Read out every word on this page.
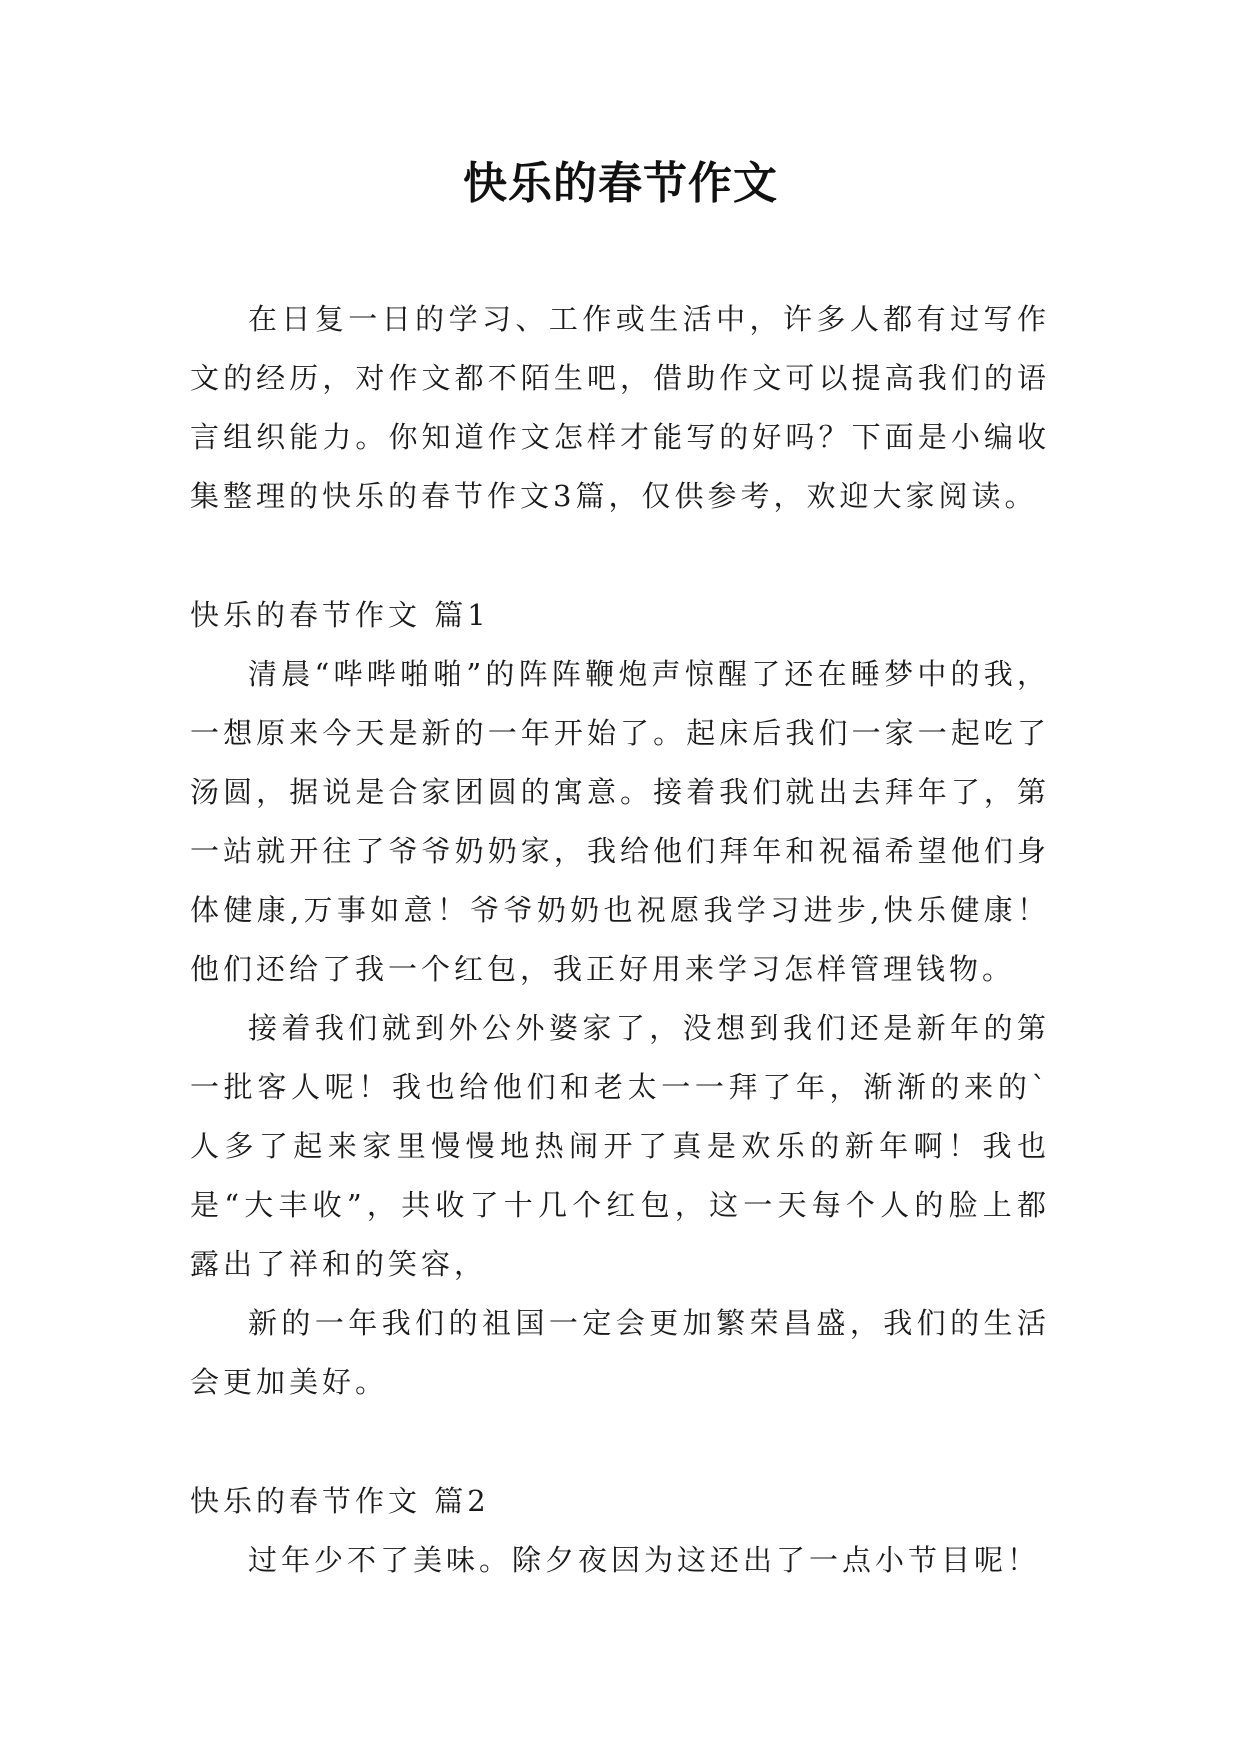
快乐的春节作文

在日复一日的学习、工作或生活中，许多人都有过写作文的经历，对作文都不陌生吧，借助作文可以提高我们的语言组织能力。你知道作文怎样才能写的好吗？下面是小编收集整理的快乐的春节作文3篇，仅供参考，欢迎大家阅读。

快乐的春节作文 篇1

清晨“哔哔啪啪”的阵阵鞭炮声惊醒了还在睡梦中的我，一想原来今天是新的一年开始了。起床后我们一家一起吃了汤圆，据说是合家团圆的寓意。接着我们就出去拜年了，第一站就开往了爷爷奶奶家，我给他们拜年和祝福希望他们身体健康,万事如意！爷爷奶奶也祝愿我学习进步,快乐健康！他们还给了我一个红包，我正好用来学习怎样管理钱物。

接着我们就到外公外婆家了，没想到我们还是新年的第一批客人呢！我也给他们和老太一一拜了年，渐渐的来的`人多了起来家里慢慢地热闹开了真是欢乐的新年啊！我也是“大丰收”，共收了十几个红包，这一天每个人的脸上都露出了祥和的笑容，

新的一年我们的祖国一定会更加繁荣昌盛，我们的生活会更加美好。

快乐的春节作文 篇2

过年少不了美味。除夕夜因为这还出了一点小节目呢！
